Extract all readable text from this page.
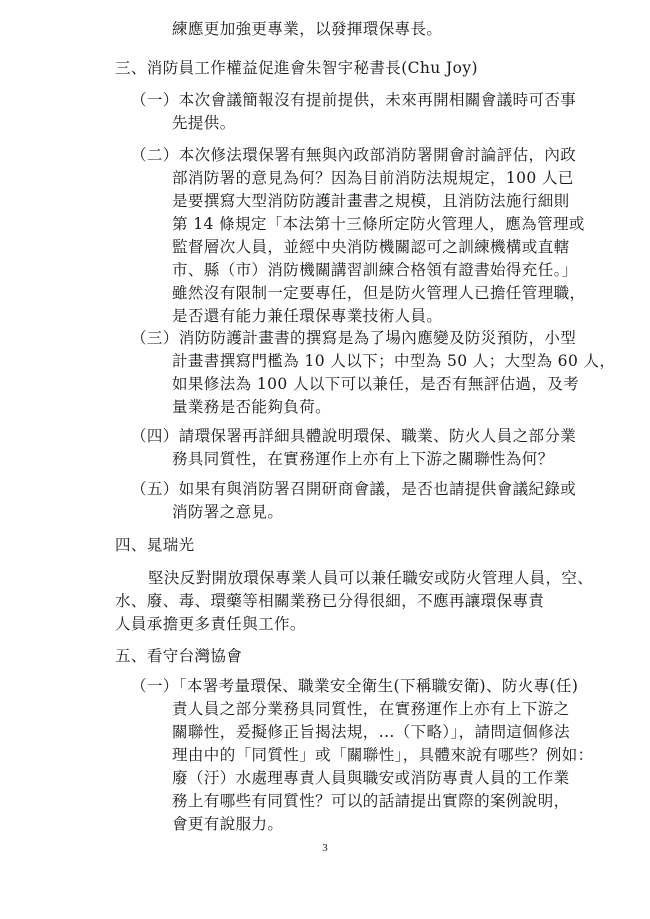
練應更加強更專業，以發揮環保專長。
三、消防員工作權益促進會朱智宇秘書長(Chu Joy)
（一）本次會議簡報沒有提前提供，未來再開相關會議時可否事
先提供。
（二）本次修法環保署有無與內政部消防署開會討論評估，內政
部消防署的意見為何？因為目前消防法規規定，100 人已
是要撰寫大型消防防護計畫書之規模，且消防法施行細則
第 14 條規定「本法第十三條所定防火管理人，應為管理或
監督層次人員，並經中央消防機關認可之訓練機構或直轄
市、縣（市）消防機關講習訓練合格領有證書始得充任。」
雖然沒有限制一定要專任，但是防火管理人已擔任管理職，
是否還有能力兼任環保專業技術人員。
（三）消防防護計畫書的撰寫是為了場內應變及防災預防，小型
計畫書撰寫門檻為 10 人以下；中型為 50 人；大型為 60 人，
如果修法為 100 人以下可以兼任，是否有無評估過，及考
量業務是否能夠負荷。
（四）請環保署再詳細具體說明環保、職業、防火人員之部分業
務具同質性，在實務運作上亦有上下游之關聯性為何？
（五）如果有與消防署召開研商會議，是否也請提供會議紀錄或
消防署之意見。
四、晁瑞光
堅決反對開放環保專業人員可以兼任職安或防火管理人員，空、
水、廢、毒、環藥等相關業務已分得很細，不應再讓環保專責
人員承擔更多責任與工作。
五、看守台灣協會
（一）「本署考量環保、職業安全衛生(下稱職安衛)、防火專(任)
責人員之部分業務具同質性，在實務運作上亦有上下游之
關聯性，爰擬修正旨揭法規，...（下略）」，請問這個修法
理由中的「同質性」或「關聯性」，具體來說有哪些？例如：
廢（汙）水處理專責人員與職安或消防專責人員的工作業
務上有哪些有同質性？可以的話請提出實際的案例說明，
會更有說服力。
3
